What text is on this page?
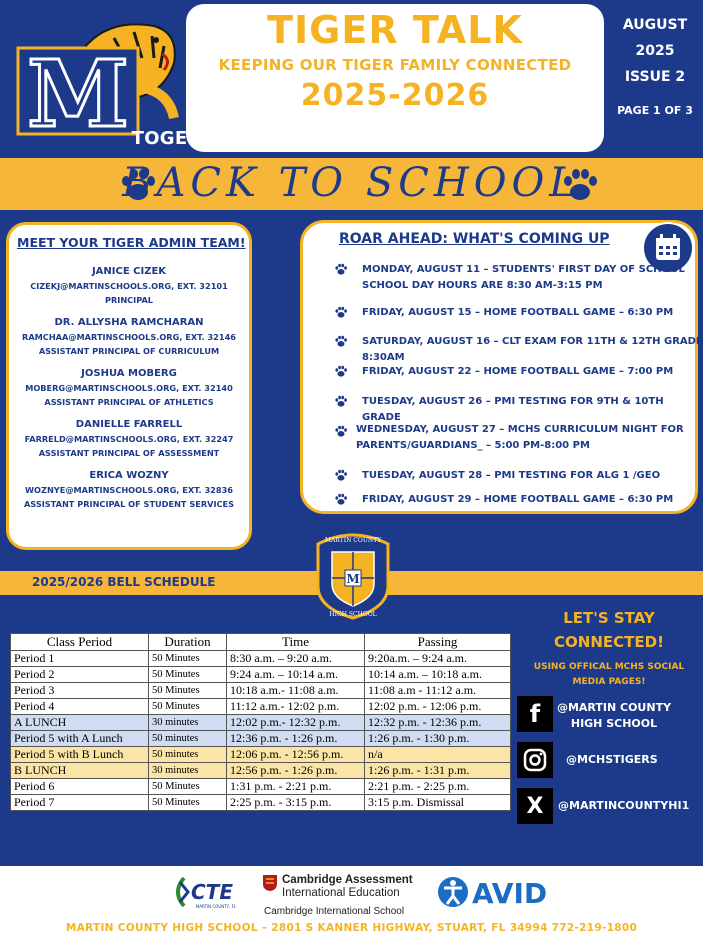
M
TIGER TALK
KEEPING OUR TIGER FAMILY CONNECTED
2025-2026
AUGUST
2025
ISSUE 2
PAGE 1 OF 3
TOGETHER WE RISE. TOGETHER WE ROAR!
BACK TO SCHOOL
MEET YOUR TIGER ADMIN TEAM!
JANICE CIZEK
CIZEKJ@MARTINSCHOOLS.ORG, EXT. 32101
PRINCIPAL
DR. ALLYSHA RAMCHARAN
RAMCHAA@MARTINSCHOOLS.ORG, EXT. 32146
ASSISTANT PRINCIPAL OF CURRICULUM
JOSHUA MOBERG
MOBERG@MARTINSCHOOLS.ORG, EXT. 32140
ASSISTANT PRINCIPAL OF ATHLETICS
DANIELLE FARRELL
FARRELD@MARTINSCHOOLS.ORG, EXT. 32247
ASSISTANT PRINCIPAL OF ASSESSMENT
ERICA WOZNY
WOZNYE@MARTINSCHOOLS.ORG, EXT. 32836
ASSISTANT PRINCIPAL OF STUDENT SERVICES
ROAR AHEAD: WHAT'S COMING UP
MONDAY, AUGUST 11 – STUDENTS' FIRST DAY OF SCHOOL
SCHOOL DAY HOURS ARE 8:30 AM-3:15 PM
FRIDAY, AUGUST 15 – HOME FOOTBALL GAME – 6:30 PM
SATURDAY, AUGUST 16 – CLT EXAM FOR 11TH & 12TH GRADE 8:30AM
FRIDAY, AUGUST 22 – HOME FOOTBALL GAME – 7:00 PM
TUESDAY, AUGUST 26 – PMI TESTING FOR 9TH & 10TH GRADE
WEDNESDAY, AUGUST 27 – MCHS CURRICULUM NIGHT FOR
PARENTS/GUARDIANS_ – 5:00 PM-8:00 PM
TUESDAY, AUGUST 28 – PMI TESTING FOR ALG 1 /GEO
FRIDAY, AUGUST 29 – HOME FOOTBALL GAME – 6:30 PM
2025/2026 BELL SCHEDULE	M
MARTIN COUNTY
HIGH SCHOOL
Class Period	Duration	Time	Passing
Period 1	50 Minutes	8:30 a.m. – 9:20 a.m.	9:20a.m. – 9:24 a.m.
Period 2	50 Minutes	9:24 a.m. – 10:14 a.m.	10:14 a.m. – 10:18 a.m.
Period 3	50 Minutes	10:18 a.m.- 11:08 a.m.	11:08 a.m - 11:12 a.m.
Period 4	50 Minutes	11:12 a.m.- 12:02 p.m.	12:02 p.m. - 12:06 p.m.
A LUNCH	30 minutes	12:02 p.m.- 12:32 p.m.	12:32 p.m. - 12:36 p.m.
Period 5 with A Lunch	50 minutes	12:36 p.m. - 1:26 p.m.	1:26 p.m. - 1:30 p.m.
Period 5 with B Lunch	50 minutes	12:06 p.m. - 12:56 p.m.	n/a
B LUNCH	30 minutes	12:56 p.m. - 1:26 p.m.	1:26 p.m. - 1:31 p.m.
Period 6	50 Minutes	1:31 p.m. - 2:21 p.m.	2:21 p.m. - 2:25 p.m.
Period 7	50 Minutes	2:25 p.m. - 3:15 p.m.	3:15 p.m. Dismissal
LET'S STAY
CONNECTED!
USING OFFICAL MCHS SOCIAL
MEDIA PAGES!
f	@MARTIN COUNTY
HIGH SCHOOL
@MCHSTIGERS
X	@MARTINCOUNTYHI1
CTE
MARTIN COUNTY, FL
Cambridge Assessment
International Education
Cambridge International School
AVID
MARTIN COUNTY HIGH SCHOOL – 2801 S KANNER HIGHWAY, STUART, FL 34994 772-219-1800
